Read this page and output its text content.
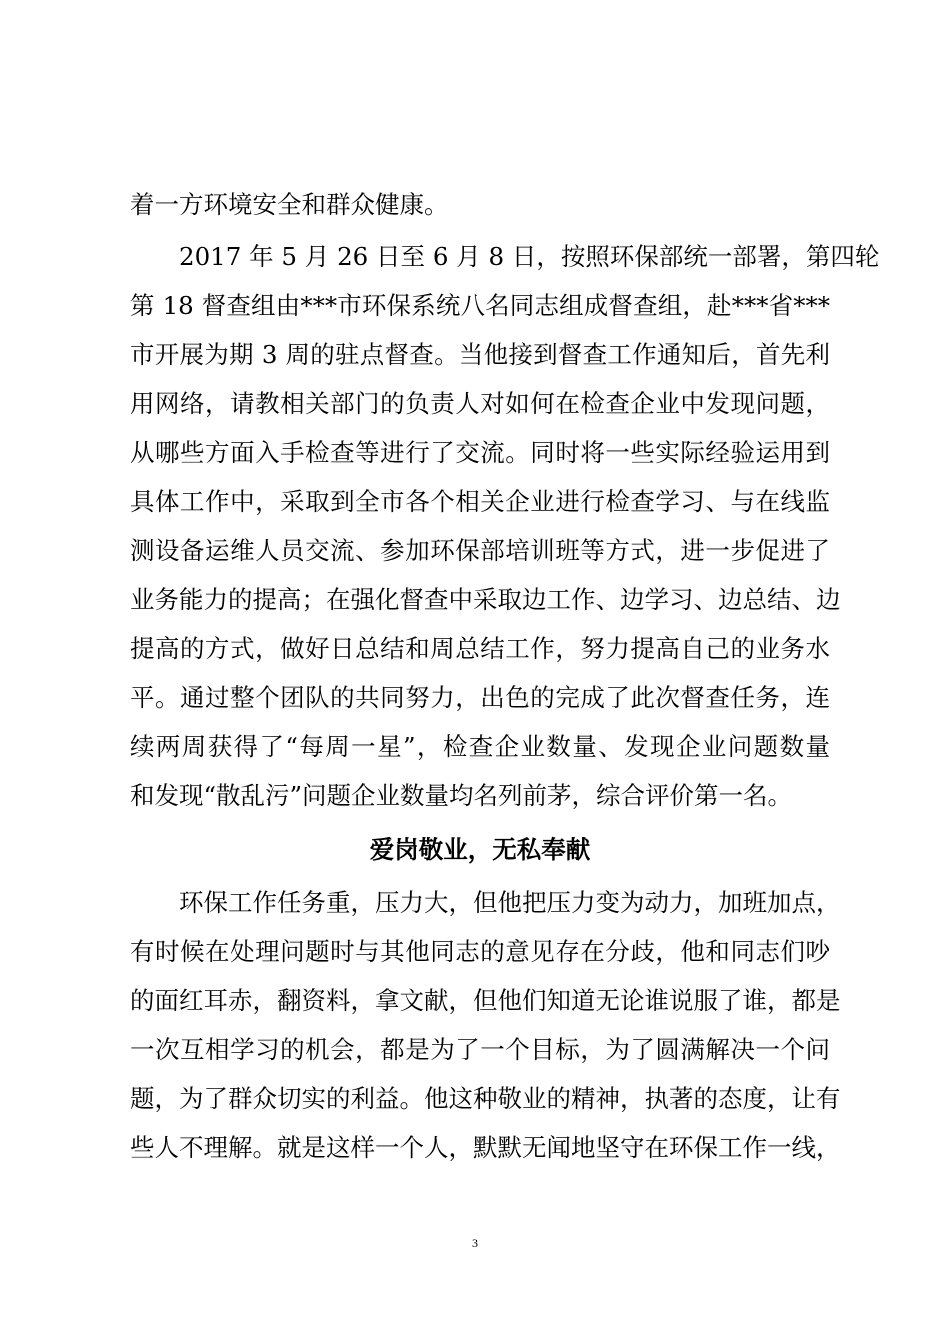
着一方环境安全和群众健康。
2017 年 5 月 26 日至 6 月 8 日，按照环保部统一部署，第四轮
第 18 督查组由***市环保系统八名同志组成督查组，赴***省***
市开展为期 3 周的驻点督查。当他接到督查工作通知后，首先利
用网络，请教相关部门的负责人对如何在检查企业中发现问题，
从哪些方面入手检查等进行了交流。同时将一些实际经验运用到
具体工作中，采取到全市各个相关企业进行检查学习、与在线监
测设备运维人员交流、参加环保部培训班等方式，进一步促进了
业务能力的提高；在强化督查中采取边工作、边学习、边总结、边
提高的方式，做好日总结和周总结工作，努力提高自己的业务水
平。通过整个团队的共同努力，出色的完成了此次督查任务，连
续两周获得了“每周一星”，检查企业数量、发现企业问题数量
和发现“散乱污”问题企业数量均名列前茅，综合评价第一名。
爱岗敬业，无私奉献
环保工作任务重，压力大，但他把压力变为动力，加班加点，
有时候在处理问题时与其他同志的意见存在分歧，他和同志们吵
的面红耳赤，翻资料，拿文献，但他们知道无论谁说服了谁，都是
一次互相学习的机会，都是为了一个目标，为了圆满解决一个问
题，为了群众切实的利益。他这种敬业的精神，执著的态度，让有
些人不理解。就是这样一个人，默默无闻地坚守在环保工作一线，
3
